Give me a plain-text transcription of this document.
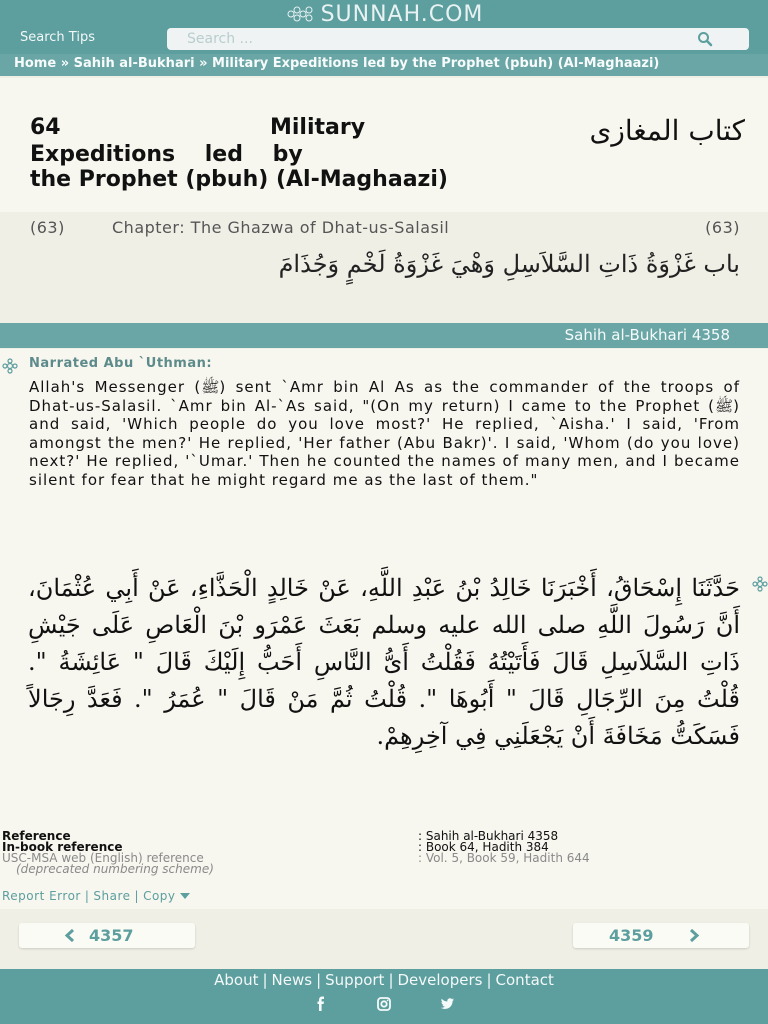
SUNNAH.COM
Search Tips
Search ...
Home » Sahih al-Bukhari » Military Expeditions led by the Prophet (pbuh) (Al-Maghaazi)
64	Military
Expeditions led by
the Prophet (pbuh) (Al-Maghaazi)
كتاب المغازى
(63)	Chapter: The Ghazwa of Dhat-us-Salasil	(63)
باب غَزْوَةُ ذَاتِ السَّلاَسِلِ وَهْيَ غَزْوَةُ لَخْمٍ وَجُذَامَ
Sahih al-Bukhari 4358
Narrated Abu `Uthman:
Allah's Messenger (ﷺ) sent `Amr bin Al As as the commander of the troops of Dhat-us-Salasil. `Amr bin Al-`As said, "(On my return) I came to the Prophet (ﷺ) and said, 'Which people do you love most?' He replied, `Aisha.' I said, 'From amongst the men?' He replied, 'Her father (Abu Bakr)'. I said, 'Whom (do you love) next?' He replied, '`Umar.' Then he counted the names of many men, and I became silent for fear that he might regard me as the last of them."
حَدَّثَنَا إِسْحَاقُ، أَخْبَرَنَا خَالِدُ بْنُ عَبْدِ اللَّهِ، عَنْ خَالِدٍ الْحَذَّاءِ، عَنْ أَبِي عُثْمَانَ، أَنَّ رَسُولَ اللَّهِ صلى الله عليه وسلم بَعَثَ عَمْرَو بْنَ الْعَاصِ عَلَى جَيْشِ ذَاتِ السَّلاَسِلِ قَالَ فَأَتَيْتُهُ فَقُلْتُ أَىُّ النَّاسِ أَحَبُّ إِلَيْكَ قَالَ " عَائِشَةُ ". قُلْتُ مِنَ الرِّجَالِ قَالَ " أَبُوهَا ". قُلْتُ ثُمَّ مَنْ قَالَ " عُمَرُ ". فَعَدَّ رِجَالاً فَسَكَتُّ مَخَافَةَ أَنْ يَجْعَلَنِي فِي آخِرِهِمْ.
Reference	: Sahih al-Bukhari 4358
In-book reference	: Book 64, Hadith 384
USC-MSA web (English) reference	: Vol. 5, Book 59, Hadith 644
(deprecated numbering scheme)
Report Error | Share | Copy
4357	4359
About | News | Support | Developers | Contact
